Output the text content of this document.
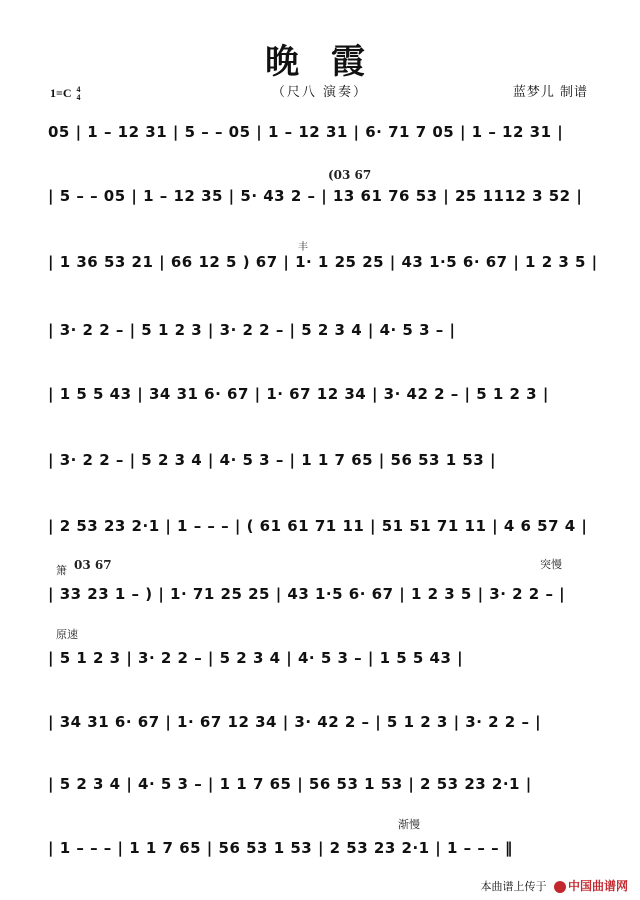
晚 霞
（尺八 演奏）
1=C 4
4	蓝梦儿 制谱
05 | 1 – 12 31 | 5 – – 05 | 1 – 12 31 | 6· 71 7 05 | 1 – 12 31 |
| 5 – – 05 | 1 – 12 35 | 5· 43 2 – | 13 61 76 53 | 25 1112 3 52 |
| 1 36 53 21 | 66 12 5 ) 67 | 1· 1 25 25 | 43 1·5 6· 67 | 1 2 3 5 |
| 3· 2 2 – | 5 1 2 3 | 3· 2 2 – | 5 2 3 4 | 4· 5 3 – |
| 1 5 5 43 | 34 31 6· 67 | 1· 67 12 34 | 3· 42 2 – | 5 1 2 3 |
| 3· 2 2 – | 5 2 3 4 | 4· 5 3 – | 1 1 7 65 | 56 53 1 53 |
| 2 53 23 2·1 | 1 – – – | ( 61 61 71 11 | 51 51 71 11 | 4 6 57 4 |
| 33 23 1 – ) | 1· 71 25 25 | 43 1·5 6· 67 | 1 2 3 5 | 3· 2 2 – |
| 5 1 2 3 | 3· 2 2 – | 5 2 3 4 | 4· 5 3 – | 1 5 5 43 |
| 34 31 6· 67 | 1· 67 12 34 | 3· 42 2 – | 5 1 2 3 | 3· 2 2 – |
| 5 2 3 4 | 4· 5 3 – | 1 1 7 65 | 56 53 1 53 | 2 53 23 2·1 |
| 1 – – – | 1 1 7 65 | 56 53 1 53 | 2 53 23 2·1 | 1 – – – ‖
(03 67
丰
箫 03 67	突慢
原速
渐慢
本曲谱上传于 中国曲谱网
